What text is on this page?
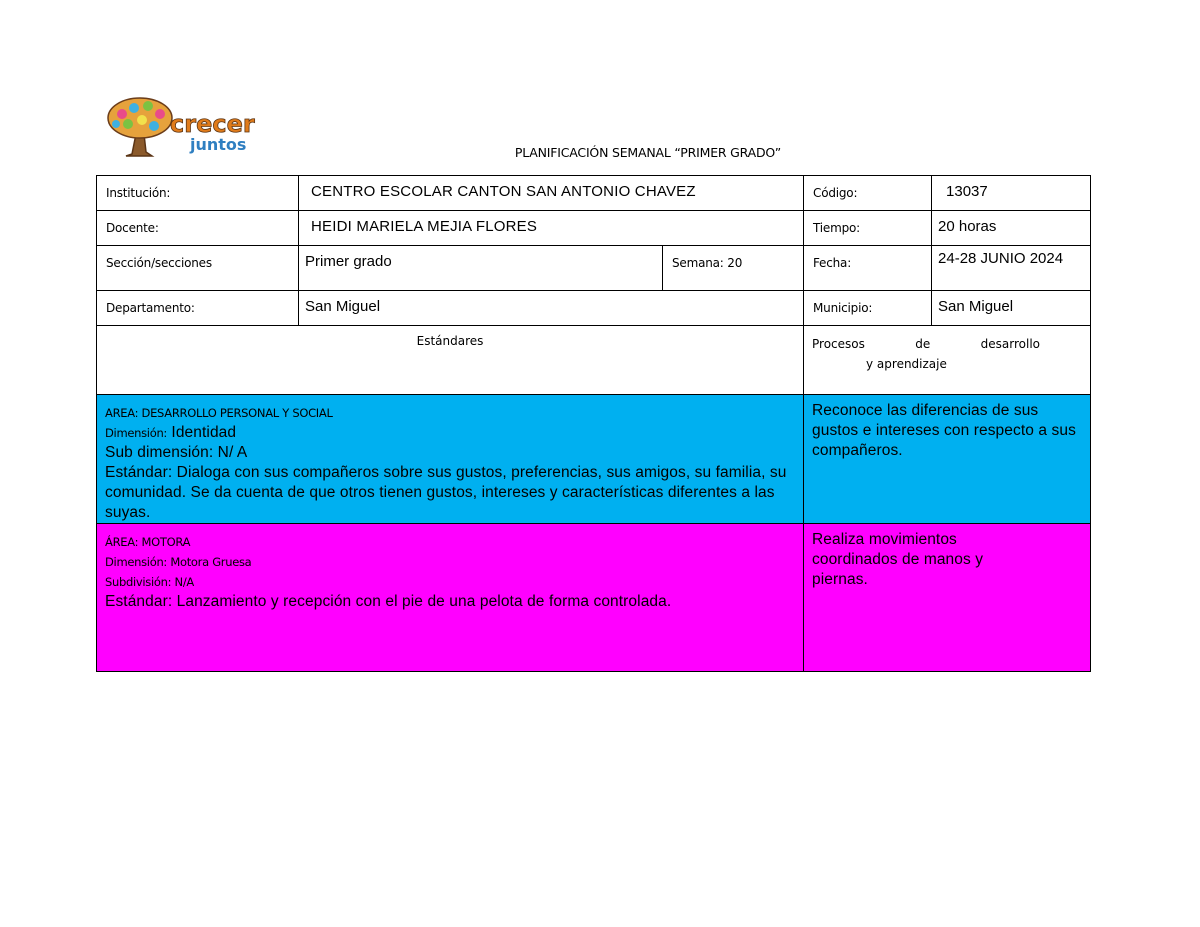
crecer
juntos	PLANIFICACIÓN SEMANAL “PRIMER GRADO”
Institución:	CENTRO ESCOLAR CANTON SAN ANTONIO CHAVEZ		Código:	13037
Docente:	HEIDI MARIELA MEJIA FLORES		Tiempo:	20 horas
Sección/secciones	Primer grado	Semana: 20	Fecha:	24-28 JUNIO 2024
Departamento:	San Miguel		Municipio:	San Miguel
Estándares			Procesos de desarrollo
y aprendizaje	

AREA: DESARROLLO PERSONAL Y SOCIAL
Dimensión: Identidad
Sub dimensión: N/ A
Estándar: Dialoga con sus compañeros sobre sus gustos, preferencias, sus amigos, su familia, su comunidad. Se da cuenta de que otros tienen gustos, intereses y características diferentes a las suyas.			Reconoce las diferencias de sus gustos e intereses con respecto a sus compañeros.	

ÁREA: MOTORA
Dimensión: Motora Gruesa
Subdivisión: N/A
Estándar: Lanzamiento y recepción con el pie de una pelota de forma controlada.			Realiza movimientos coordinados de manos y piernas.	
